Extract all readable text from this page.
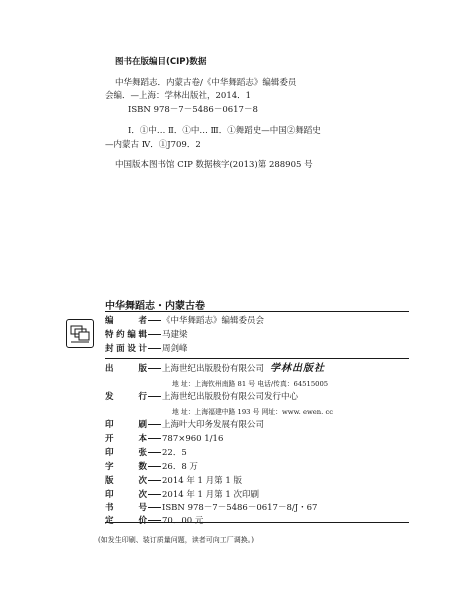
图书在版编目(CIP)数据
中华舞蹈志．内蒙古卷/《中华舞蹈志》编辑委员
会编．—上海：学林出版社，2014．1
ISBN 978－7－5486－0617－8
Ⅰ．①中… Ⅱ．①中… Ⅲ．①舞蹈史—中国②舞蹈史
—内蒙古 Ⅳ．①J709．2
中国版本图书馆 CIP 数据核字(2013)第 288905 号
中华舞蹈志・内蒙古卷
编者 《中华舞蹈志》编辑委员会
特约编辑 马建梁
封面设计 周剑峰
出版 上海世纪出版股份有限公司 学林出版社
地 址：上海钦州南路 81 号 电话/传真：64515005
发行 上海世纪出版股份有限公司发行中心
地 址：上海福建中路 193 号 网址：www. ewen. cc
印刷 上海叶大印务发展有限公司
开本 787×960 1/16
印张 22．5
字数 26．8 万
版次 2014 年 1 月第 1 版
印次 2014 年 1 月第 1 次印刷
书号 ISBN 978－7－5486－0617－8/J・67
定价 70．00 元
(如发生印刷、装订质量问题，读者可向工厂调换。)
